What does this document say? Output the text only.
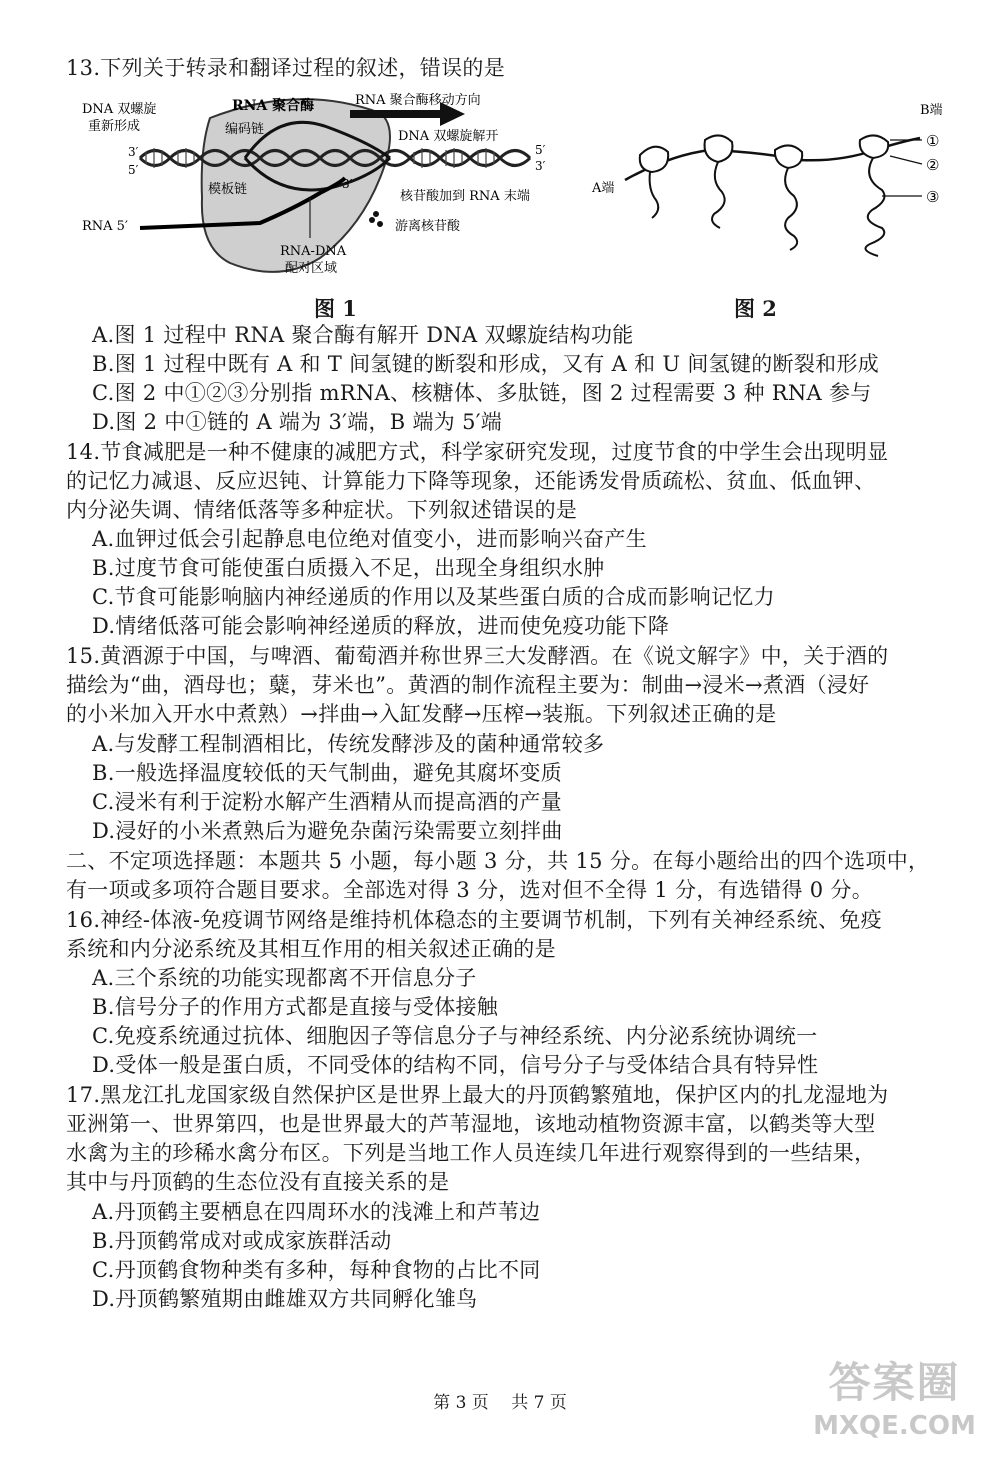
13.下列关于转录和翻译过程的叙述，错误的是
DNA 双螺旋
重新形成
RNA 聚合酶	RNA 聚合酶移动方向
编码链	DNA 双螺旋解开
3′
5′
5′
3′
模板链	3′
核苷酸加到 RNA 末端
RNA 5′	游离核苷酸
RNA-DNA
配对区域
图 1
B端
A端
①
②
③
图 2
A.图 1 过程中 RNA 聚合酶有解开 DNA 双螺旋结构功能
B.图 1 过程中既有 A 和 T 间氢键的断裂和形成，又有 A 和 U 间氢键的断裂和形成
C.图 2 中①②③分别指 mRNA、核糖体、多肽链，图 2 过程需要 3 种 RNA 参与
D.图 2 中①链的 A 端为 3′端，B 端为 5′端
14.节食减肥是一种不健康的减肥方式，科学家研究发现，过度节食的中学生会出现明显
的记忆力减退、反应迟钝、计算能力下降等现象，还能诱发骨质疏松、贫血、低血钾、
内分泌失调、情绪低落等多种症状。下列叙述错误的是
A.血钾过低会引起静息电位绝对值变小，进而影响兴奋产生
B.过度节食可能使蛋白质摄入不足，出现全身组织水肿
C.节食可能影响脑内神经递质的作用以及某些蛋白质的合成而影响记忆力
D.情绪低落可能会影响神经递质的释放，进而使免疫功能下降
15.黄酒源于中国，与啤酒、葡萄酒并称世界三大发酵酒。在《说文解字》中，关于酒的
描绘为“曲，酒母也；糵，芽米也”。黄酒的制作流程主要为：制曲→浸米→煮酒（浸好
的小米加入开水中煮熟）→拌曲→入缸发酵→压榨→装瓶。下列叙述正确的是
A.与发酵工程制酒相比，传统发酵涉及的菌种通常较多
B.一般选择温度较低的天气制曲，避免其腐坏变质
C.浸米有利于淀粉水解产生酒精从而提高酒的产量
D.浸好的小米煮熟后为避免杂菌污染需要立刻拌曲
二、不定项选择题：本题共 5 小题，每小题 3 分，共 15 分。在每小题给出的四个选项中，
有一项或多项符合题目要求。全部选对得 3 分，选对但不全得 1 分，有选错得 0 分。
16.神经-体液-免疫调节网络是维持机体稳态的主要调节机制，下列有关神经系统、免疫
系统和内分泌系统及其相互作用的相关叙述正确的是
A.三个系统的功能实现都离不开信息分子
B.信号分子的作用方式都是直接与受体接触
C.免疫系统通过抗体、细胞因子等信息分子与神经系统、内分泌系统协调统一
D.受体一般是蛋白质，不同受体的结构不同，信号分子与受体结合具有特异性
17.黑龙江扎龙国家级自然保护区是世界上最大的丹顶鹤繁殖地，保护区内的扎龙湿地为
亚洲第一、世界第四，也是世界最大的芦苇湿地，该地动植物资源丰富，以鹤类等大型
水禽为主的珍稀水禽分布区。下列是当地工作人员连续几年进行观察得到的一些结果，
其中与丹顶鹤的生态位没有直接关系的是
A.丹顶鹤主要栖息在四周环水的浅滩上和芦苇边
B.丹顶鹤常成对或成家族群活动
C.丹顶鹤食物种类有多种，每种食物的占比不同
D.丹顶鹤繁殖期由雌雄双方共同孵化雏鸟
第 3 页　 共 7 页	答案圈
MXQE.COM
